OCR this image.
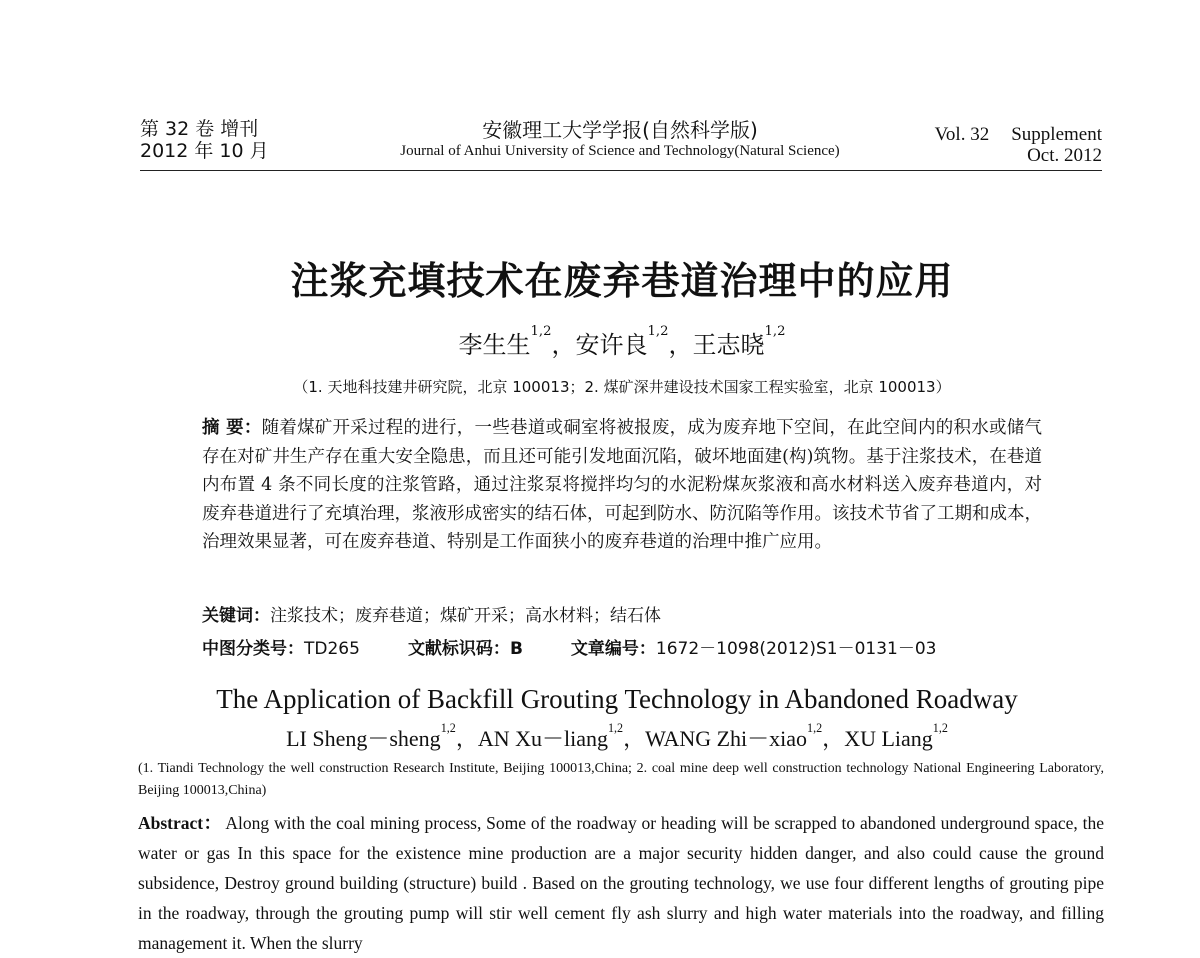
第 32 卷 增刊
2012 年 10 月
安徽理工大学学报(自然科学版)
Journal of Anhui University of Science and Technology(Natural Science)
Vol. 32 Supplement
Oct. 2012
注浆充填技术在废弃巷道治理中的应用
李生生$^{1,2}$，安许良$^{1,2}$，王志晓$^{1,2}$
（1. 天地科技建井研究院，北京 100013；2. 煤矿深井建设技术国家工程实验室，北京 100013）
摘 要：随着煤矿开采过程的进行，一些巷道或硐室将被报废，成为废弃地下空间，在此空间内的积水或储气存在对矿井生产存在重大安全隐患，而且还可能引发地面沉陷，破坏地面建(构)筑物。基于注浆技术，在巷道内布置 4 条不同长度的注浆管路，通过注浆泵将搅拌均匀的水泥粉煤灰浆液和高水材料送入废弃巷道内，对废弃巷道进行了充填治理，浆液形成密实的结石体，可起到防水、防沉陷等作用。该技术节省了工期和成本，治理效果显著，可在废弃巷道、特别是工作面狭小的废弃巷道的治理中推广应用。
关键词：注浆技术；废弃巷道；煤矿开采；高水材料；结石体
中图分类号：TD265	文献标识码：B	文章编号：1672－1098(2012)S1－0131－03
The Application of Backfill Grouting Technology in Abandoned Roadway
LI Sheng－sheng$^{1,2}$，AN Xu－liang$^{1,2}$，WANG Zhi－xiao$^{1,2}$，XU Liang$^{1,2}$
(1. Tiandi Technology the well construction Research Institute, Beijing 100013,China; 2. coal mine deep well construction technology National Engineering Laboratory, Beijing 100013,China)
Abstract： Along with the coal mining process, Some of the roadway or heading will be scrapped to abandoned underground space, the water or gas In this space for the existence mine production are a major security hidden danger, and also could cause the ground subsidence, Destroy ground building (structure) build . Based on the grouting technology, we use four different lengths of grouting pipe in the roadway, through the grouting pump will stir well cement fly ash slurry and high water materials into the roadway, and filling management it. When the slurry
